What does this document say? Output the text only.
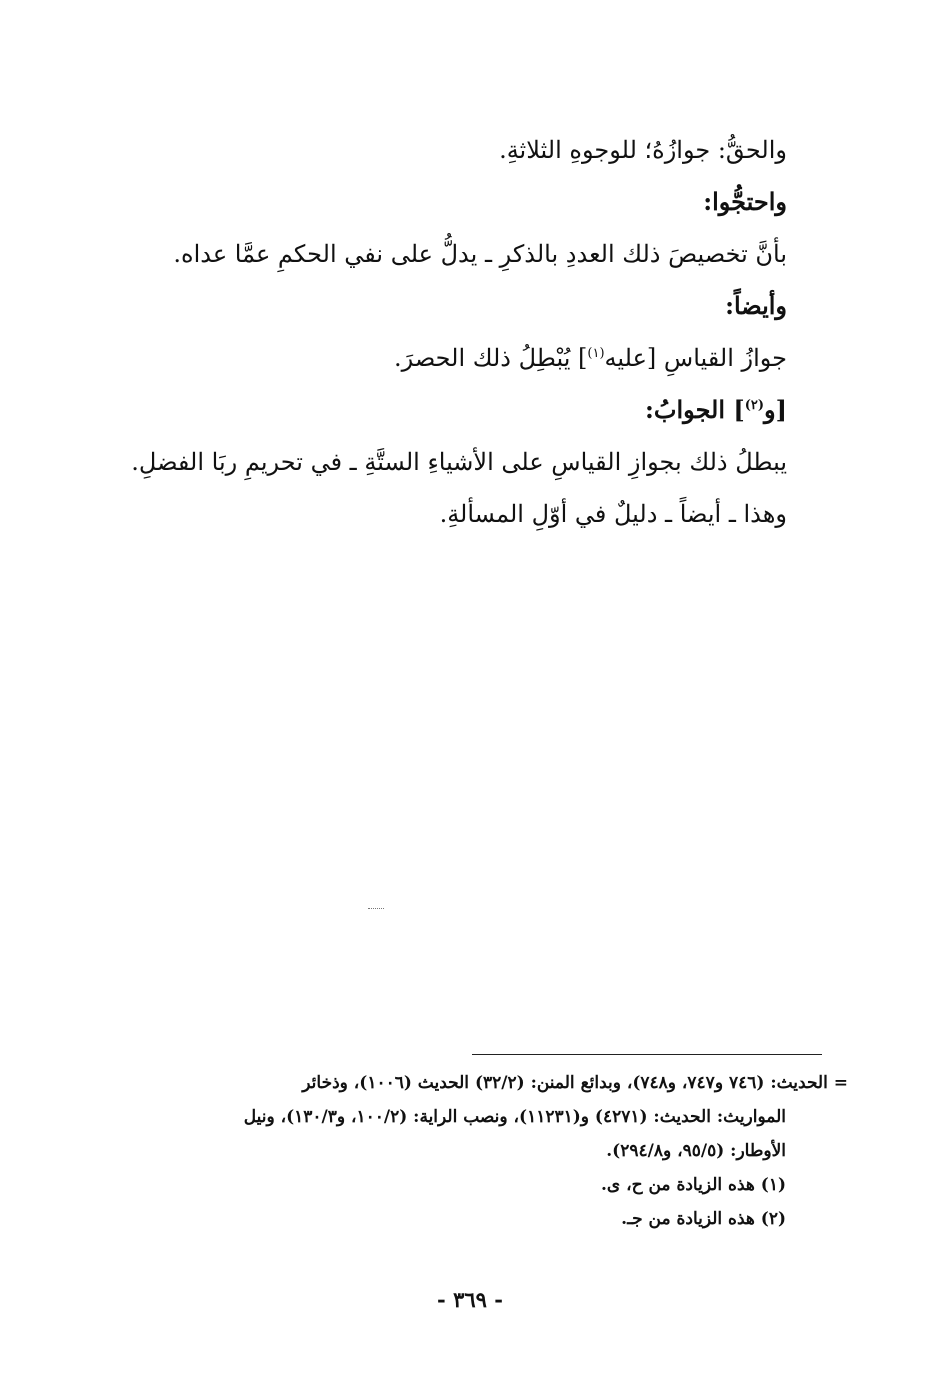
والحقُّ: جوازُهُ؛ للوجوهِ الثلاثةِ.
واحتجُّوا:
بأنَّ تخصيصَ ذلك العددِ بالذكرِ ـ يدلُّ على نفي الحكمِ عمَّا عداه.
وأيضاً:
جوازُ القياسِ [عليه$^{(١)}$] يُبْطِلُ ذلك الحصرَ.
[و$^{(٢)}$] الجوابُ:
يبطلُ ذلك بجوازِ القياسِ على الأشياءِ الستَّةِ ـ في تحريمِ ربَا الفضلِ.
وهذا ـ أيضاً ـ دليلٌ في أوّلِ المسألةِ.
= الحديث: (٧٤٦ و٧٤٧، و٧٤٨)، وبدائع المنن: (٣٢/٢) الحديث (١٠٠٦)، وذخائر
المواريث: الحديث: (٤٢٧١) و(١١٢٣١)، ونصب الراية: (١٠٠/٢، و١٣٠/٣)، ونيل
الأوطار: (٩٥/٥، و٢٩٤/٨).
(١) هذه الزيادة من ح، ى.
(٢) هذه الزيادة من جـ.
- ٣٦٩ -
